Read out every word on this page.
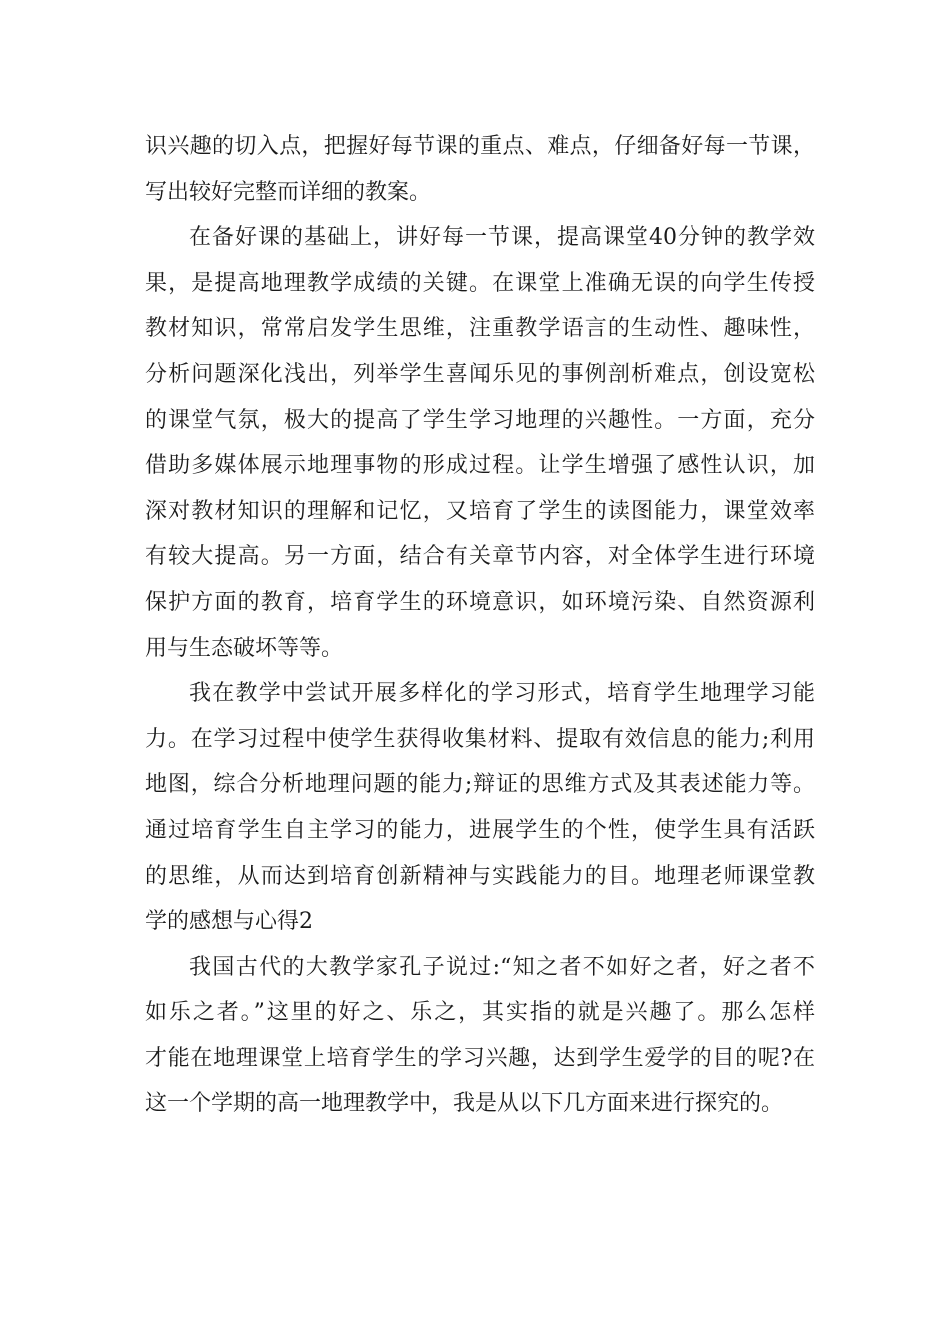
识兴趣的切入点，把握好每节课的重点、难点，仔细备好每一节课，
写出较好完整而详细的教案。
在备好课的基础上，讲好每一节课，提高课堂40分钟的教学效
果，是提高地理教学成绩的关键。在课堂上准确无误的向学生传授
教材知识，常常启发学生思维，注重教学语言的生动性、趣味性，
分析问题深化浅出，列举学生喜闻乐见的事例剖析难点，创设宽松
的课堂气氛，极大的提高了学生学习地理的兴趣性。一方面，充分
借助多媒体展示地理事物的形成过程。让学生增强了感性认识，加
深对教材知识的理解和记忆，又培育了学生的读图能力，课堂效率
有较大提高。另一方面，结合有关章节内容，对全体学生进行环境
保护方面的教育，培育学生的环境意识，如环境污染、自然资源利
用与生态破坏等等。
我在教学中尝试开展多样化的学习形式，培育学生地理学习能
力。在学习过程中使学生获得收集材料、提取有效信息的能力;利用
地图，综合分析地理问题的能力;辩证的思维方式及其表述能力等。
通过培育学生自主学习的能力，进展学生的个性，使学生具有活跃
的思维，从而达到培育创新精神与实践能力的目。地理老师课堂教
学的感想与心得2
我国古代的大教学家孔子说过:“知之者不如好之者，好之者不
如乐之者。”这里的好之、乐之，其实指的就是兴趣了。那么怎样
才能在地理课堂上培育学生的学习兴趣，达到学生爱学的目的呢?在
这一个学期的高一地理教学中，我是从以下几方面来进行探究的。
